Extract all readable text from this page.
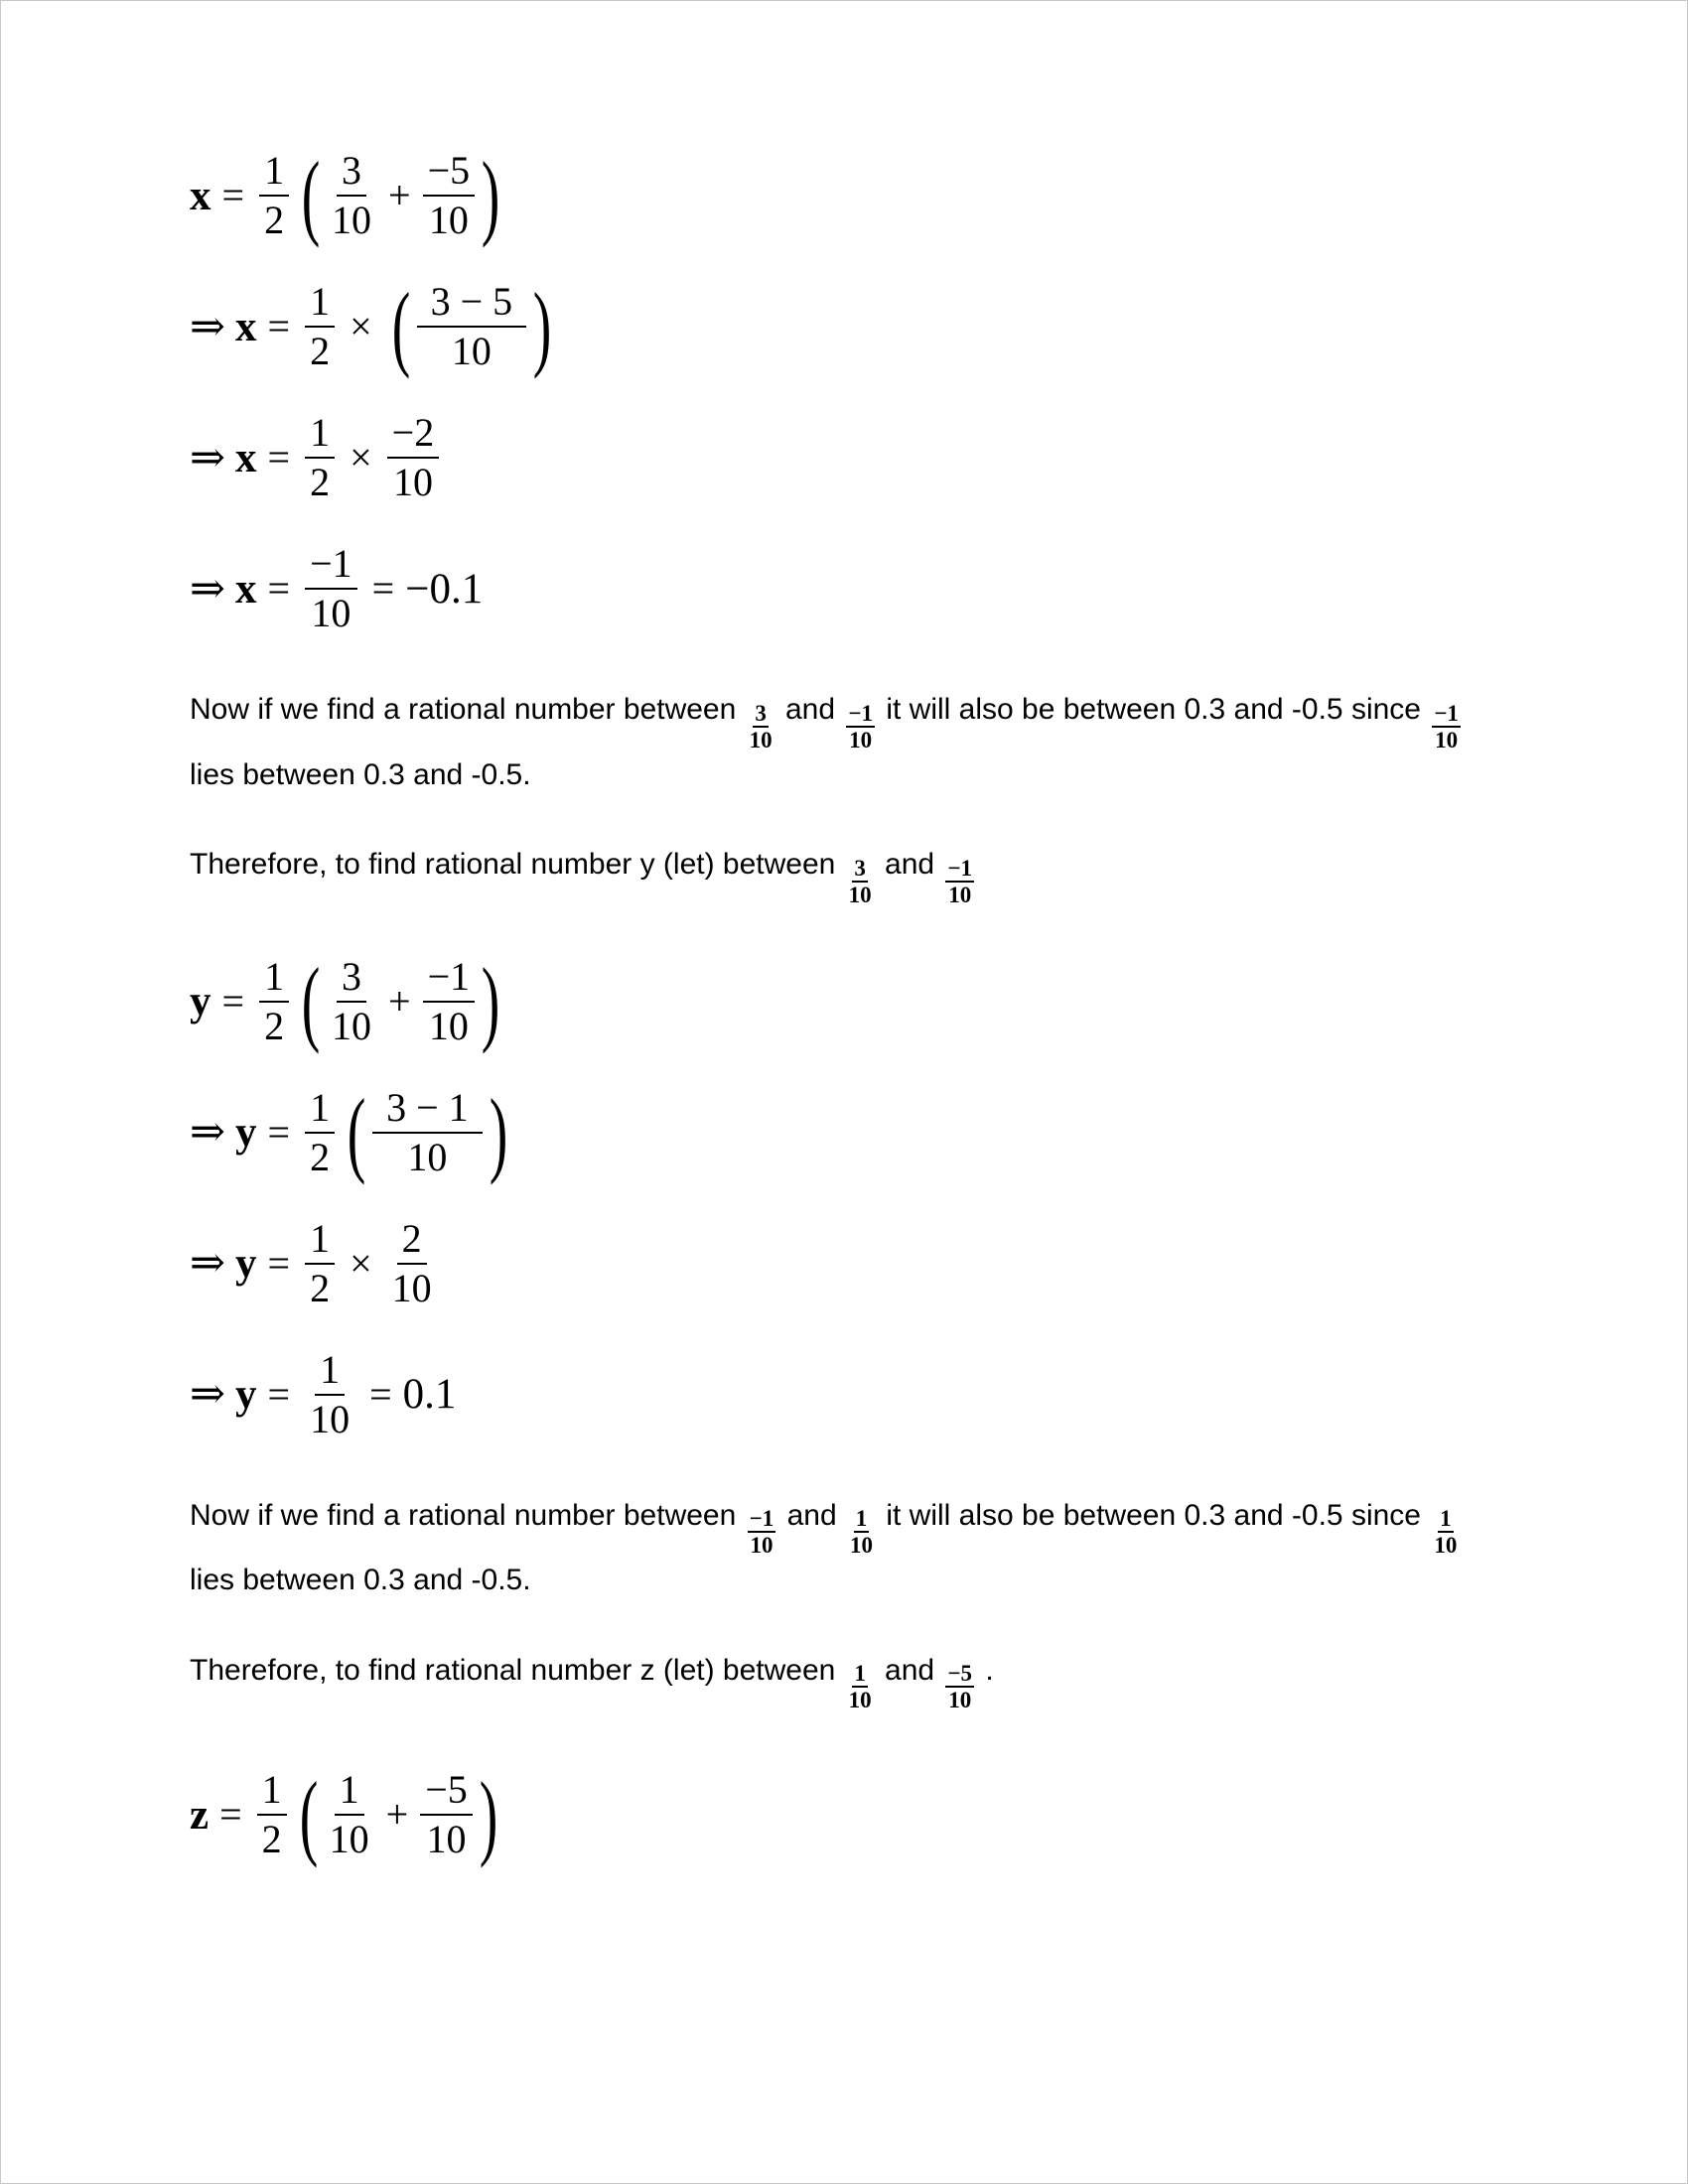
$x = \frac{1}{2}$ ( $\frac{3}{10} + \frac{-5}{10}$ )
⇒ $x = \frac{1}{2}$ × ( $\frac{3 - 5}{10}$ )
⇒ $x = \frac{1}{2} \times \frac{-2}{10}$
⇒ $x = \frac{-1}{10} = -0.1$
Now if we find a rational number between $\frac{3}{10}$ and $\frac{-1}{10}$ it will also be between 0.3 and -0.5 since $\frac{-1}{10}$
lies between 0.3 and -0.5.
Therefore, to find rational number y (let) between $\frac{3}{10}$ and $\frac{-1}{10}$
$y = \frac{1}{2}$ ( $\frac{3}{10} + \frac{-1}{10}$ )
⇒ $y = \frac{1}{2}$ ( $\frac{3 - 1}{10}$ )
⇒ $y = \frac{1}{2} \times \frac{2}{10}$
⇒ $y = \frac{1}{10} = 0.1$
Now if we find a rational number between $\frac{-1}{10}$ and $\frac{1}{10}$ it will also be between 0.3 and -0.5 since $\frac{1}{10}$
lies between 0.3 and -0.5.
Therefore, to find rational number z (let) between $\frac{1}{10}$ and $\frac{-5}{10}$ .
$z = \frac{1}{2}$ ( $\frac{1}{10} + \frac{-5}{10}$ )
